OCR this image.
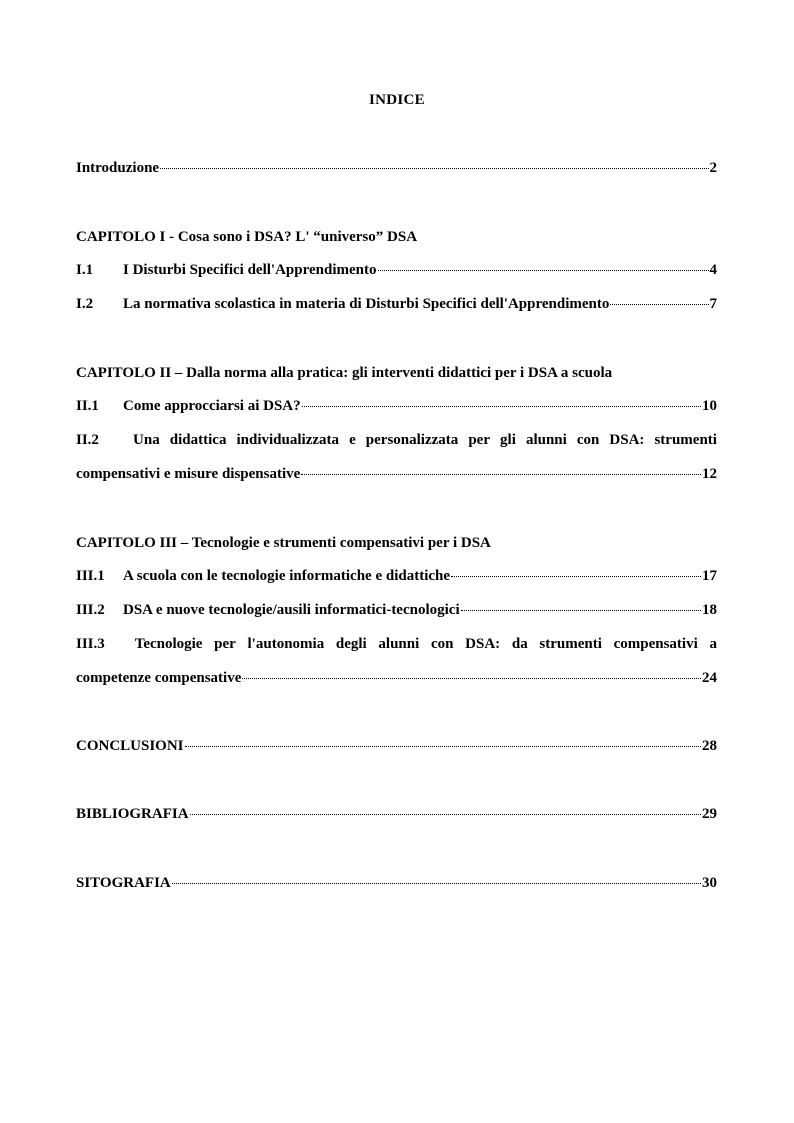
INDICE
Introduzione	2
CAPITOLO I - Cosa sono i DSA? L' “universo” DSA
I.1	I Disturbi Specifici dell'Apprendimento	4
I.2	La normativa scolastica in materia di Disturbi Specifici dell'Apprendimento	7
CAPITOLO II – Dalla norma alla pratica: gli interventi didattici per i DSA a scuola
II.1	Come approcciarsi ai DSA?	10
II.2	Una didattica individualizzata e personalizzata per gli alunni con DSA: strumenti
compensativi e misure dispensative	12
CAPITOLO III – Tecnologie e strumenti compensativi per i DSA
III.1	A scuola con le tecnologie informatiche e didattiche	17
III.2	DSA e nuove tecnologie/ausili informatici-tecnologici	18
III.3	Tecnologie per l'autonomia degli alunni con DSA: da strumenti compensativi a
competenze compensative	24
CONCLUSIONI	28
BIBLIOGRAFIA	29
SITOGRAFIA	30
